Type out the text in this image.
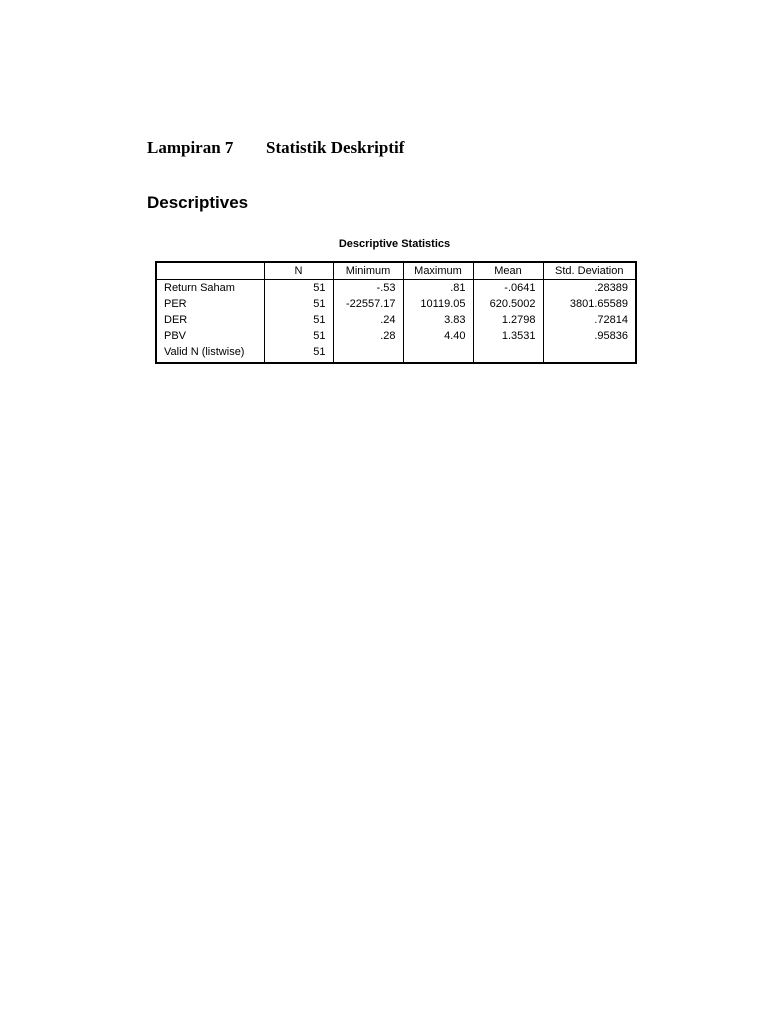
Lampiran 7 Statistik Deskriptif
Descriptives
Descriptive Statistics
	N	Minimum	Maximum	Mean	Std. Deviation
Return Saham	51	-.53	.81	-.0641	.28389
PER	51	-22557.17	10119.05	620.5002	3801.65589
DER	51	.24	3.83	1.2798	.72814
PBV	51	.28	4.40	1.3531	.95836
Valid N (listwise)	51				
